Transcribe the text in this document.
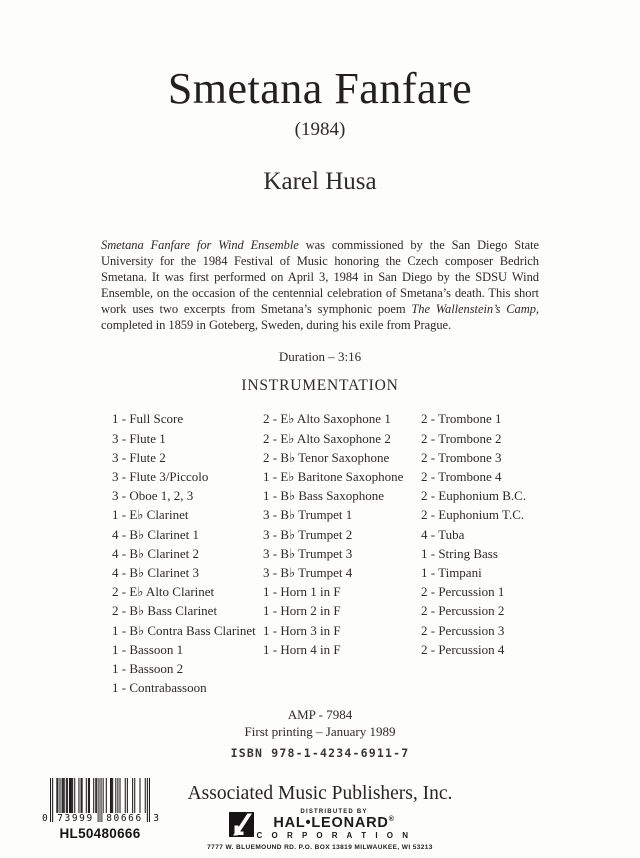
Smetana Fanfare
(1984)
Karel Husa

Smetana Fanfare for Wind Ensemble was commissioned by the San Diego State University for the 1984 Festival of Music honoring the Czech composer Bedrich Smetana. It was first performed on April 3, 1984 in San Diego by the SDSU Wind Ensemble, on the occasion of the centennial celebration of Smetana’s death. This short work uses two excerpts from Smetana’s symphonic poem The Wallenstein’s Camp, completed in 1859 in Goteberg, Sweden, during his exile from Prague.

Duration – 3:16
INSTRUMENTATION
1 - Full Score
3 - Flute 1
3 - Flute 2
3 - Flute 3/Piccolo
3 - Oboe 1, 2, 3
1 - E♭ Clarinet
4 - B♭ Clarinet 1
4 - B♭ Clarinet 2
4 - B♭ Clarinet 3
2 - E♭ Alto Clarinet
2 - B♭ Bass Clarinet
1 - B♭ Contra Bass Clarinet
1 - Bassoon 1
1 - Bassoon 2
1 - Contrabassoon
2 - E♭ Alto Saxophone 1
2 - E♭ Alto Saxophone 2
2 - B♭ Tenor Saxophone
1 - E♭ Baritone Saxophone
1 - B♭ Bass Saxophone
3 - B♭ Trumpet 1
3 - B♭ Trumpet 2
3 - B♭ Trumpet 3
3 - B♭ Trumpet 4
1 - Horn 1 in F
1 - Horn 2 in F
1 - Horn 3 in F
1 - Horn 4 in F
2 - Trombone 1
2 - Trombone 2
2 - Trombone 3
2 - Trombone 4
2 - Euphonium B.C.
2 - Euphonium T.C.
4 - Tuba
1 - String Bass
1 - Timpani
2 - Percussion 1
2 - Percussion 2
2 - Percussion 3
2 - Percussion 4
AMP - 7984
First printing – January 1989
ISBN 978-1-4234-6911-7
Associated Music Publishers, Inc.
DISTRIBUTED BY
HAL•LEONARD®
C O R P O R A T I O N
7777 W. BLUEMOUND RD. P.O. BOX 13819 MILWAUKEE, WI 53213
0 73999	80666	3
HL50480666
